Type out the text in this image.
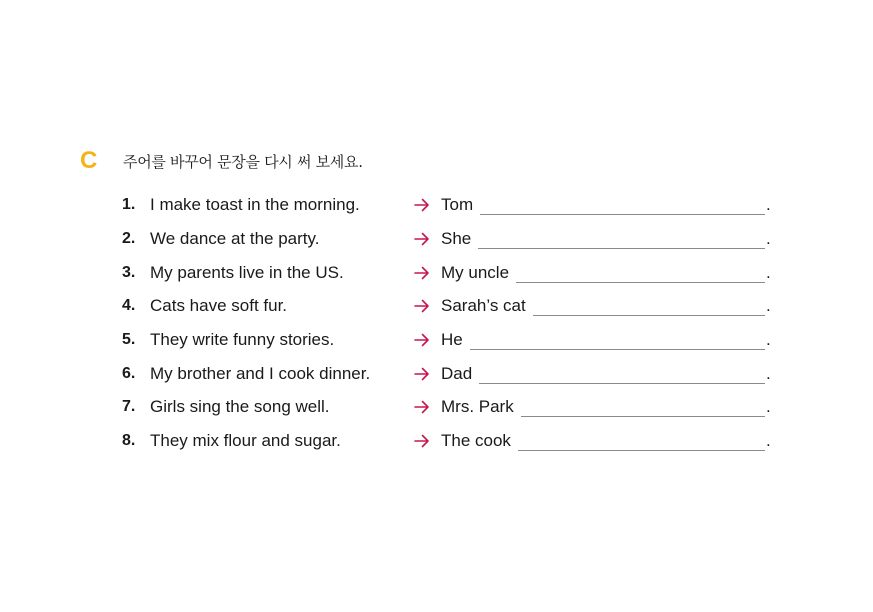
C 주어를 바꾸어 문장을 다시 써 보세요.
1. I make toast in the morning.	Tom	.
2. We dance at the party.	She	.
3. My parents live in the US.	My uncle	.
4. Cats have soft fur.	Sarah’s cat	.
5. They write funny stories.	He	.
6. My brother and I cook dinner.	Dad	.
7. Girls sing the song well.	Mrs. Park	.
8. They mix flour and sugar.	The cook	.
